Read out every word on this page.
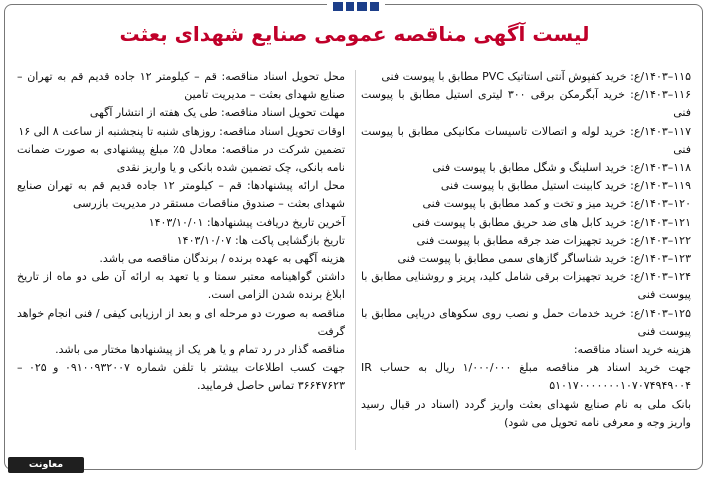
لیست آگهی مناقصه عمومی صنایع شهدای بعثت

۱۱۵–۱۴۰۳/ع: خرید کفپوش آنتی استاتیک PVC مطابق با پیوست فنی

۱۱۶–۱۴۰۳/ع: خرید آبگرمکن برقی ۳۰۰ لیتری استیل مطابق با پیوست فنی

۱۱۷–۱۴۰۳/ع: خرید لوله و اتصالات تاسیسات مکانیکی مطابق با پیوست فنی

۱۱۸–۱۴۰۳/ع: خرید اسلینگ و شگل مطابق با پیوست فنی

۱۱۹–۱۴۰۳/ع: خرید کابینت استیل مطابق با پیوست فنی

۱۲۰–۱۴۰۳/ع: خرید میز و تخت و کمد مطابق با پیوست فنی

۱۲۱–۱۴۰۳/ع: خرید کابل های ضد حریق مطابق با پیوست فنی

۱۲۲–۱۴۰۳/ع: خرید تجهیزات ضد جرقه مطابق با پیوست فنی

۱۲۳–۱۴۰۳/ع: خرید شناساگر گازهای سمی مطابق با پیوست فنی

۱۲۴–۱۴۰۳/ع: خرید تجهیزات برقی شامل کلید، پریز و روشنایی مطابق با پیوست فنی

۱۲۵–۱۴۰۳/ع: خرید خدمات حمل و نصب روی سکوهای دریایی مطابق با پیوست فنی

هزینه خرید اسناد مناقصه:

جهت خرید اسناد هر مناقصه مبلغ ۱/۰۰۰/۰۰۰ ریال به حساب IR ۵۱۰۱۷۰۰۰۰۰۰۰۱۰۷۰۷۴۹۴۹۰۰۴

بانک ملی به نام صنایع شهدای بعثت واریز گردد (اسناد در قبال رسید واریز وجه و معرفی نامه تحویل می شود)

محل تحویل اسناد مناقصه: قم – کیلومتر ۱۲ جاده قدیم قم به تهران – صنایع شهدای بعثت – مدیریت تامین

مهلت تحویل اسناد مناقصه: طی یک هفته از انتشار آگهی

اوقات تحویل اسناد مناقصه: روزهای شنبه تا پنجشنبه از ساعت ۸ الی ۱۶

تضمین شرکت در مناقصه: معادل ۵٪ مبلغ پیشنهادی به صورت ضمانت نامه بانکی، چک تضمین شده بانکی و یا واریز نقدی

محل ارائه پیشنهادها: قم – کیلومتر ۱۲ جاده قدیم قم به تهران صنایع شهدای بعثت – صندوق مناقصات مستقر در مدیریت بازرسی

آخرین تاریخ دریافت پیشنهادها: ۱۴۰۳/۱۰/۰۱

تاریخ بازگشایی پاکت ها: ۱۴۰۳/۱۰/۰۷

هزینه آگهی به عهده برنده / برندگان مناقصه می باشد.

داشتن گواهینامه معتبر سمتا و یا تعهد به ارائه آن طی دو ماه از تاریخ ابلاغ برنده شدن الزامی است.

مناقصه به صورت دو مرحله ای و بعد از ارزیابی کیفی / فنی انجام خواهد گرفت

مناقصه گذار در رد تمام و یا هر یک از پیشنهادها مختار می باشد.

جهت کسب اطلاعات بیشتر با تلفن شماره ۰۹۱۰۰۹۳۲۰۰۷ و ۰۲۵ – ۳۶۶۴۷۶۲۳ تماس حاصل فرمایید.

معاونت بازرگانی
